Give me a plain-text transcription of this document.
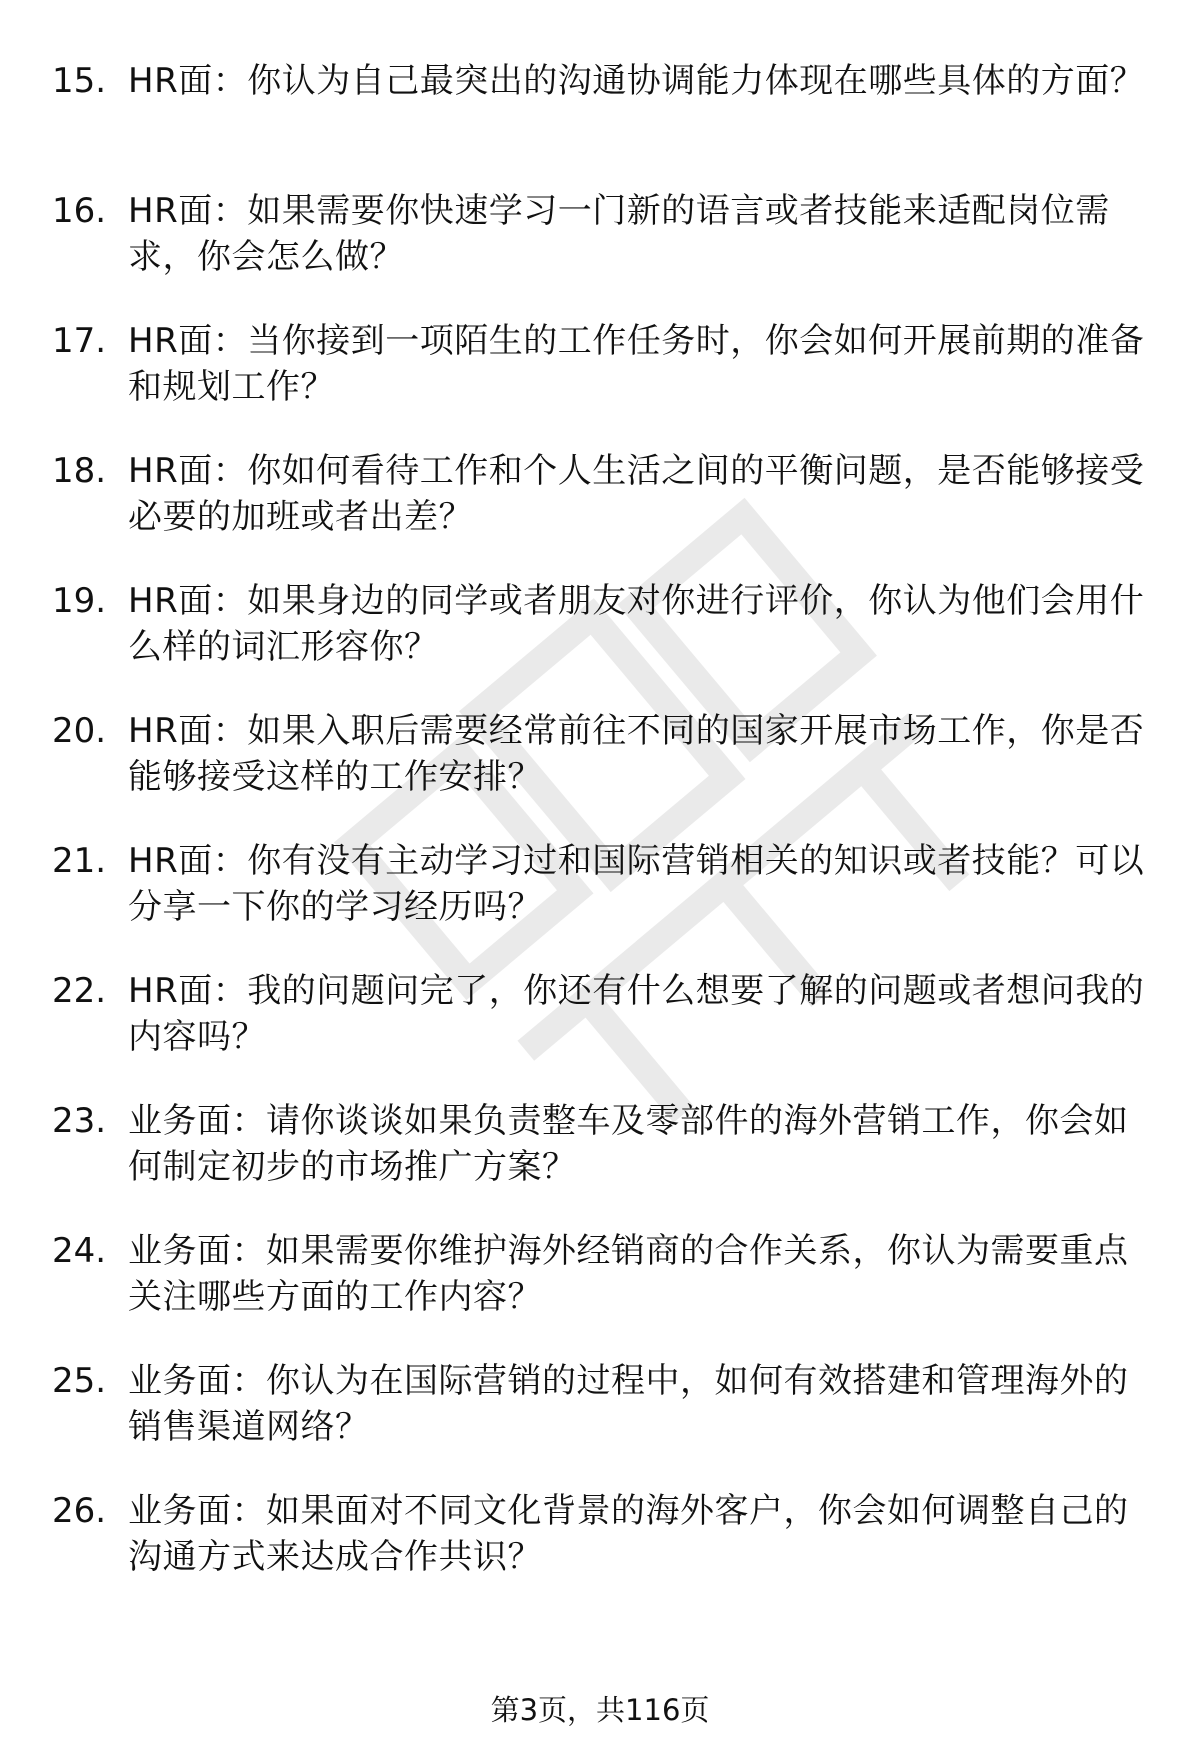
15. HR面：你认为自己最突出的沟通协调能力体现在哪些具体的方面？
16. HR面：如果需要你快速学习一门新的语言或者技能来适配岗位需求，你会怎么做？
17. HR面：当你接到一项陌生的工作任务时，你会如何开展前期的准备和规划工作？
18. HR面：你如何看待工作和个人生活之间的平衡问题，是否能够接受必要的加班或者出差？
19. HR面：如果身边的同学或者朋友对你进行评价，你认为他们会用什么样的词汇形容你？
20. HR面：如果入职后需要经常前往不同的国家开展市场工作，你是否能够接受这样的工作安排？
21. HR面：你有没有主动学习过和国际营销相关的知识或者技能？可以分享一下你的学习经历吗？
22. HR面：我的问题问完了，你还有什么想要了解的问题或者想问我的内容吗？
23. 业务面：请你谈谈如果负责整车及零部件的海外营销工作，你会如何制定初步的市场推广方案？
24. 业务面：如果需要你维护海外经销商的合作关系，你认为需要重点关注哪些方面的工作内容？
25. 业务面：你认为在国际营销的过程中，如何有效搭建和管理海外的销售渠道网络？
26. 业务面：如果面对不同文化背景的海外客户，你会如何调整自己的沟通方式来达成合作共识？
第3页，共116页
